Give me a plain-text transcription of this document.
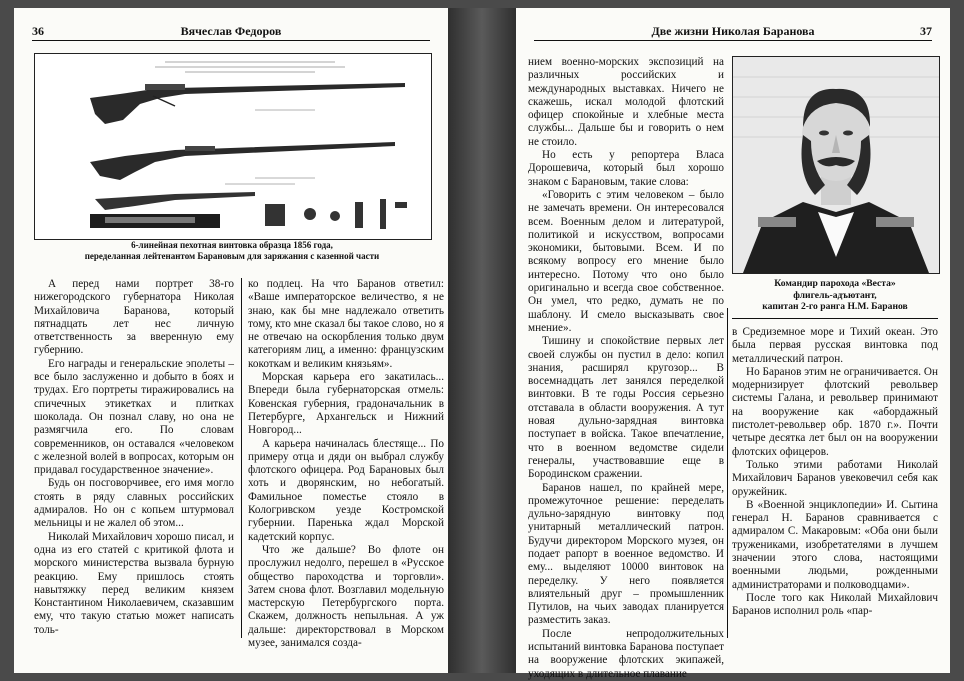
36	Вячеслав Федоров
6-линейная пехотная винтовка образца 1856 года,
переделанная лейтенантом Барановым для заряжания с казенной части

А перед нами портрет 38-го нижегородского губернатора Николая Михайловича Баранова, который пятнадцать лет нес личную ответственность за вверенную ему губернию.

Его награды и генеральские эполеты – все было заслуженно и добыто в боях и трудах. Его портреты тиражировались на спичечных этикетках и плитках шоколада. Он познал славу, но она не размягчила его. По словам современников, он оставался «человеком с железной волей в вопросах, которым он придавал государственное значение».

Будь он посговорчивее, его имя могло стоять в ряду славных российских адмиралов. Но он с копьем штурмовал мельницы и не жалел об этом...

Николай Михайлович хорошо писал, и одна из его статей с критикой флота и морского министерства вызвала бурную реакцию. Ему пришлось стоять навытяжку перед великим князем Константином Николаевичем, сказавшим ему, что такую статью может написать толь-

ко подлец. На что Баранов ответил: «Ваше императорское величество, я не знаю, как бы мне надлежало ответить тому, кто мне сказал бы такое слово, но я не отвечаю на оскорбления только двум категориям лиц, а именно: французским кокоткам и великим князьям».

Морская карьера его закатилась... Впереди была губернаторская отмель: Ковенская губерния, градоначальник в Петербурге, Архангельск и Нижний Новгород...

А карьера начиналась блестяще... По примеру отца и дяди он выбрал службу флотского офицера. Род Барановых был хоть и дворянским, но небогатый. Фамильное поместье стояло в Кологривском уезде Костромской губернии. Паренька ждал Морской кадетский корпус.

Что же дальше? Во флоте он прослужил недолго, перешел в «Русское общество пароходства и торговли». Затем снова флот. Возглавил модельную мастерскую Петербургского порта. Скажем, должность непыльная. А уж дальше: директорствовал в Морском музее, занимался созда-

Две жизни Николая Баранова	37

нием военно-морских экспозиций на различных российских и международных выставках. Ничего не скажешь, искал молодой флотский офицер спокойные и хлебные места службы... Дальше бы и говорить о нем не стоило.

Но есть у репортера Власа Дорошевича, который был хорошо знаком с Барановым, такие слова:

«Говорить с этим человеком – было не замечать времени. Он интересовался всем. Военным делом и литературой, политикой и искусством, вопросами экономики, бытовыми. Всем. И по всякому вопросу его мнение было интересно. Потому что оно было оригинально и всегда свое собственное. Он умел, что редко, думать не по шаблону. И смело высказывать свое мнение».

Тишину и спокойствие первых лет своей службы он пустил в дело: копил знания, расширял кругозор... В восемнадцать лет занялся переделкой винтовки. В те годы Россия серьезно отставала в области вооружения. А тут новая дульно-зарядная винтовка поступает в войска. Такое впечатление, что в военном ведомстве сидели генералы, участвовавшие еще в Бородинском сражении.

Баранов нашел, по крайней мере, промежуточное решение: переделать дульно-зарядную винтовку под унитарный металлический патрон. Будучи директором Морского музея, он подает рапорт в военное ведомство. И ему... выделяют 10000 винтовок на переделку. У него появляется влиятельный друг – промышленник Путилов, на чьих заводах планируется разместить заказ.

После непродолжительных испытаний винтовка Баранова поступает на вооружение флотских экипажей, уходящих в длительное плавание

Командир парохода «Веста»
флигель-адъютант,
капитан 2-го ранга Н.М. Баранов

в Средиземное море и Тихий океан. Это была первая русская винтовка под металлический патрон.

Но Баранов этим не ограничивается. Он модернизирует флотский револьвер системы Галана, и револьвер принимают на вооружение как «абордажный пистолет-револьвер обр. 1870 г.». Почти четыре десятка лет был он на вооружении флотских офицеров.

Только этими работами Николай Михайлович Баранов увековечил себя как оружейник.

В «Военной энциклопедии» И. Сытина генерал Н. Баранов сравнивается с адмиралом С. Макаровым: «Оба они были тружениками, изобретателями в лучшем значении этого слова, настоящими военными людьми, рожденными администраторами и полководцами».

После того как Николай Михайлович Баранов исполнил роль «пар-
